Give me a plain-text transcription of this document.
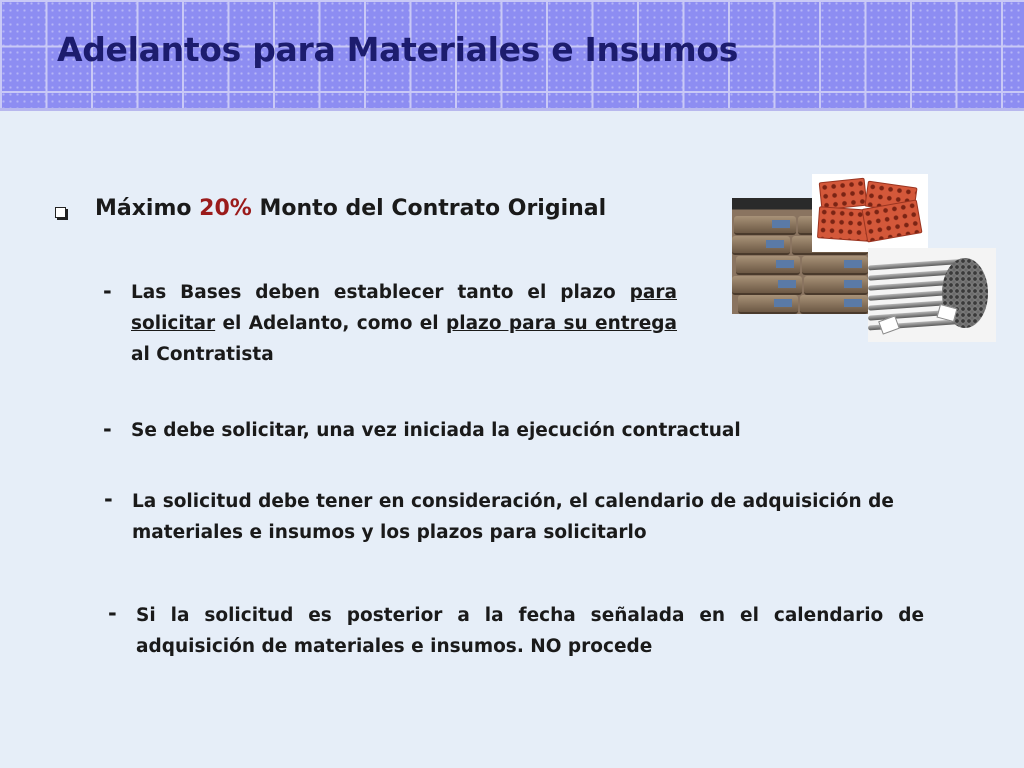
Adelantos para Materiales e Insumos
Máximo 20% Monto del Contrato Original
- Las Bases deben establecer tanto el plazo para solicitar el Adelanto, como el plazo para su entrega al Contratista
- Se debe solicitar, una vez iniciada la ejecución contractual
- La solicitud debe tener en consideración, el calendario de adquisición de materiales e insumos y los plazos para solicitarlo
- Si la solicitud es posterior a la fecha señalada en el calendario de adquisición de materiales e insumos. NO procede
